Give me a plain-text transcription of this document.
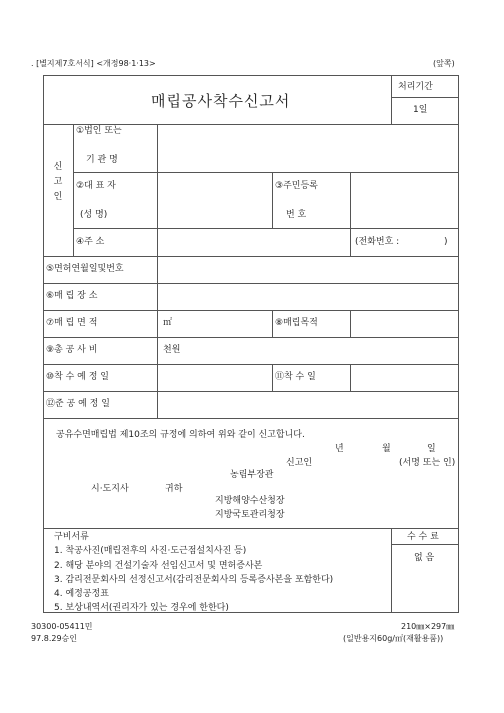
. [별지제7호서식] <개정98·1·13>	(앞쪽)
매립공사착수신고서
처리기간
1일
신 고 인
①법인 또는
기 관 명
②대 표 자	③주민등록
(성 명)	번 호
④주 소	(전화번호 :	)
⑤면허연월일및번호
⑥매 립 장 소
⑦매 립 면 적	㎡	⑧매립목적
⑨총 공 사 비	천원
⑩착 수 예 정 일	⑪착 수 일
⑫준 공 예 정 일
공유수면매립법 제10조의 규정에 의하여 위와 같이 신고합니다.
년	월	일
신고인	(서명 또는 인)
농림부장관
시·도지사	귀하
지방해양수산청장
지방국토관리청장
구비서류
1. 착공사진(매립전후의 사진·도근점설치사진 등)
2. 해당 분야의 건설기술자 선임신고서 및 면허증사본
3. 감리전문회사의 선정신고서(감리전문회사의 등록증사본을 포함한다)
4. 예정공정표
5. 보상내역서(권리자가 있는 경우에 한한다)
수 수 료
없 음
30300-05411민
97.8.29승인
210㎜×297㎜
(일반용지60g/㎡(재활용품))
